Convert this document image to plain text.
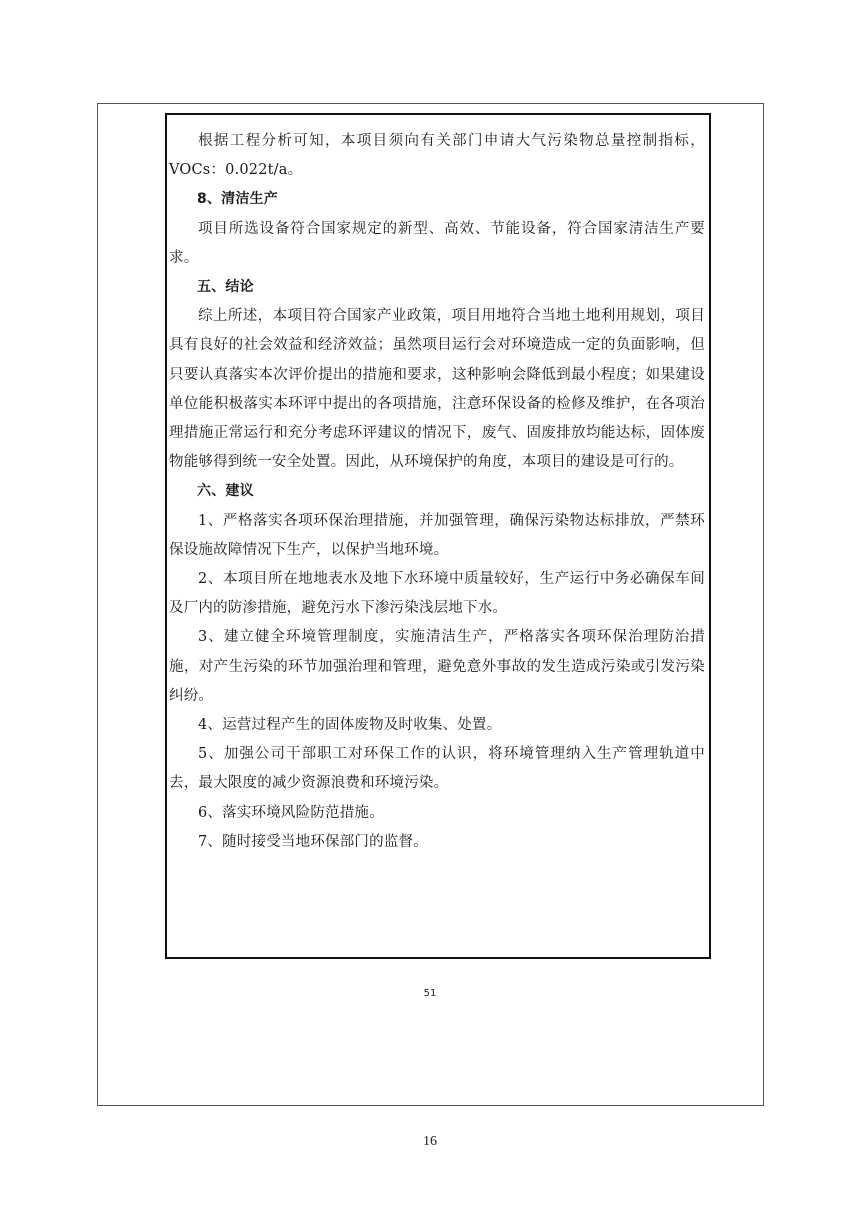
根据工程分析可知，本项目须向有关部门申请大气污染物总量控制指标，VOCs：0.022t/a。

8、清洁生产

项目所选设备符合国家规定的新型、高效、节能设备，符合国家清洁生产要求。

五、结论

综上所述，本项目符合国家产业政策，项目用地符合当地土地利用规划，项目具有良好的社会效益和经济效益；虽然项目运行会对环境造成一定的负面影响，但只要认真落实本次评价提出的措施和要求，这种影响会降低到最小程度；如果建设单位能积极落实本环评中提出的各项措施，注意环保设备的检修及维护，在各项治理措施正常运行和充分考虑环评建议的情况下，废气、固废排放均能达标，固体废物能够得到统一安全处置。因此，从环境保护的角度，本项目的建设是可行的。

六、建议

1、严格落实各项环保治理措施，并加强管理，确保污染物达标排放，严禁环保设施故障情况下生产，以保护当地环境。

2、本项目所在地地表水及地下水环境中质量较好，生产运行中务必确保车间及厂内的防渗措施，避免污水下渗污染浅层地下水。

3、建立健全环境管理制度，实施清洁生产，严格落实各项环保治理防治措施，对产生污染的环节加强治理和管理，避免意外事故的发生造成污染或引发污染纠纷。

4、运营过程产生的固体废物及时收集、处置。

5、加强公司干部职工对环保工作的认识，将环境管理纳入生产管理轨道中去，最大限度的减少资源浪费和环境污染。

6、落实环境风险防范措施。

7、随时接受当地环保部门的监督。

51
16
